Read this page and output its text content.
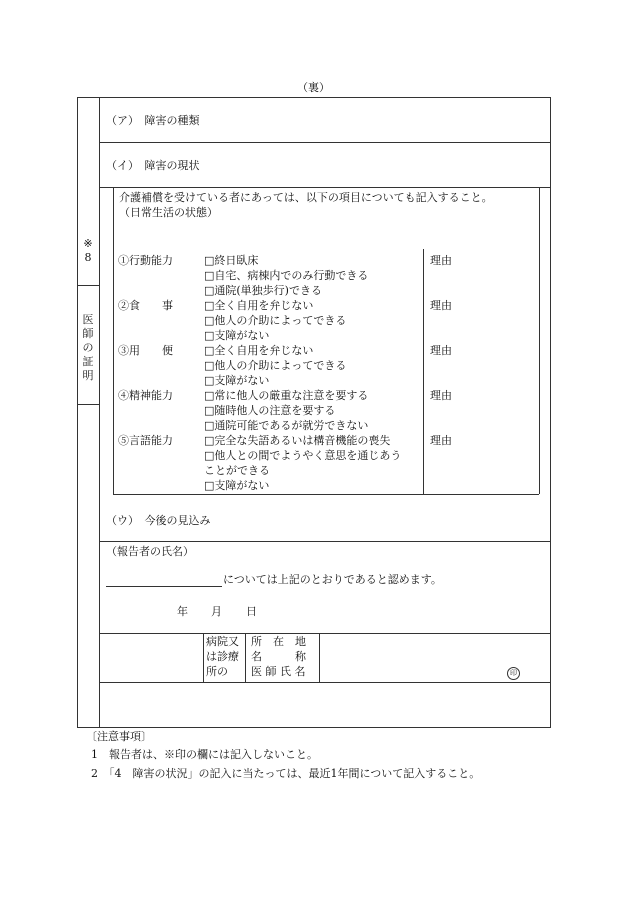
（裏）
※
8
医
師
の
証
明
（ア）　障害の種類
（イ）　障害の現状
介護補償を受けている者にあっては、以下の項目についても記入すること。
（日常生活の状態）
①行動能力	□終日臥床
□自宅、病棟内でのみ行動できる
□通院(単独歩行)できる
理由
②食　　事	□全く自用を弁じない
□他人の介助によってできる
□支障がない
理由
③用　　便	□全く自用を弁じない
□他人の介助によってできる
□支障がない
理由
④精神能力	□常に他人の厳重な注意を要する
□随時他人の注意を要する
□通院可能であるが就労できない
理由
⑤言語能力	□完全な失語あるいは構音機能の喪失
□他人との間でようやく意思を通じあう
ことができる
□支障がない
理由
（ウ）　今後の見込み
（報告者の氏名）
については上記のとおりであると認めます。
年 月 日
病院又
は診療
所の
所　在　地
名　　　称
医 師 氏 名	印
〔注意事項〕
1　報告者は、※印の欄には記入しないこと。
2　「4　障害の状況」の記入に当たっては、最近1年間について記入すること。
